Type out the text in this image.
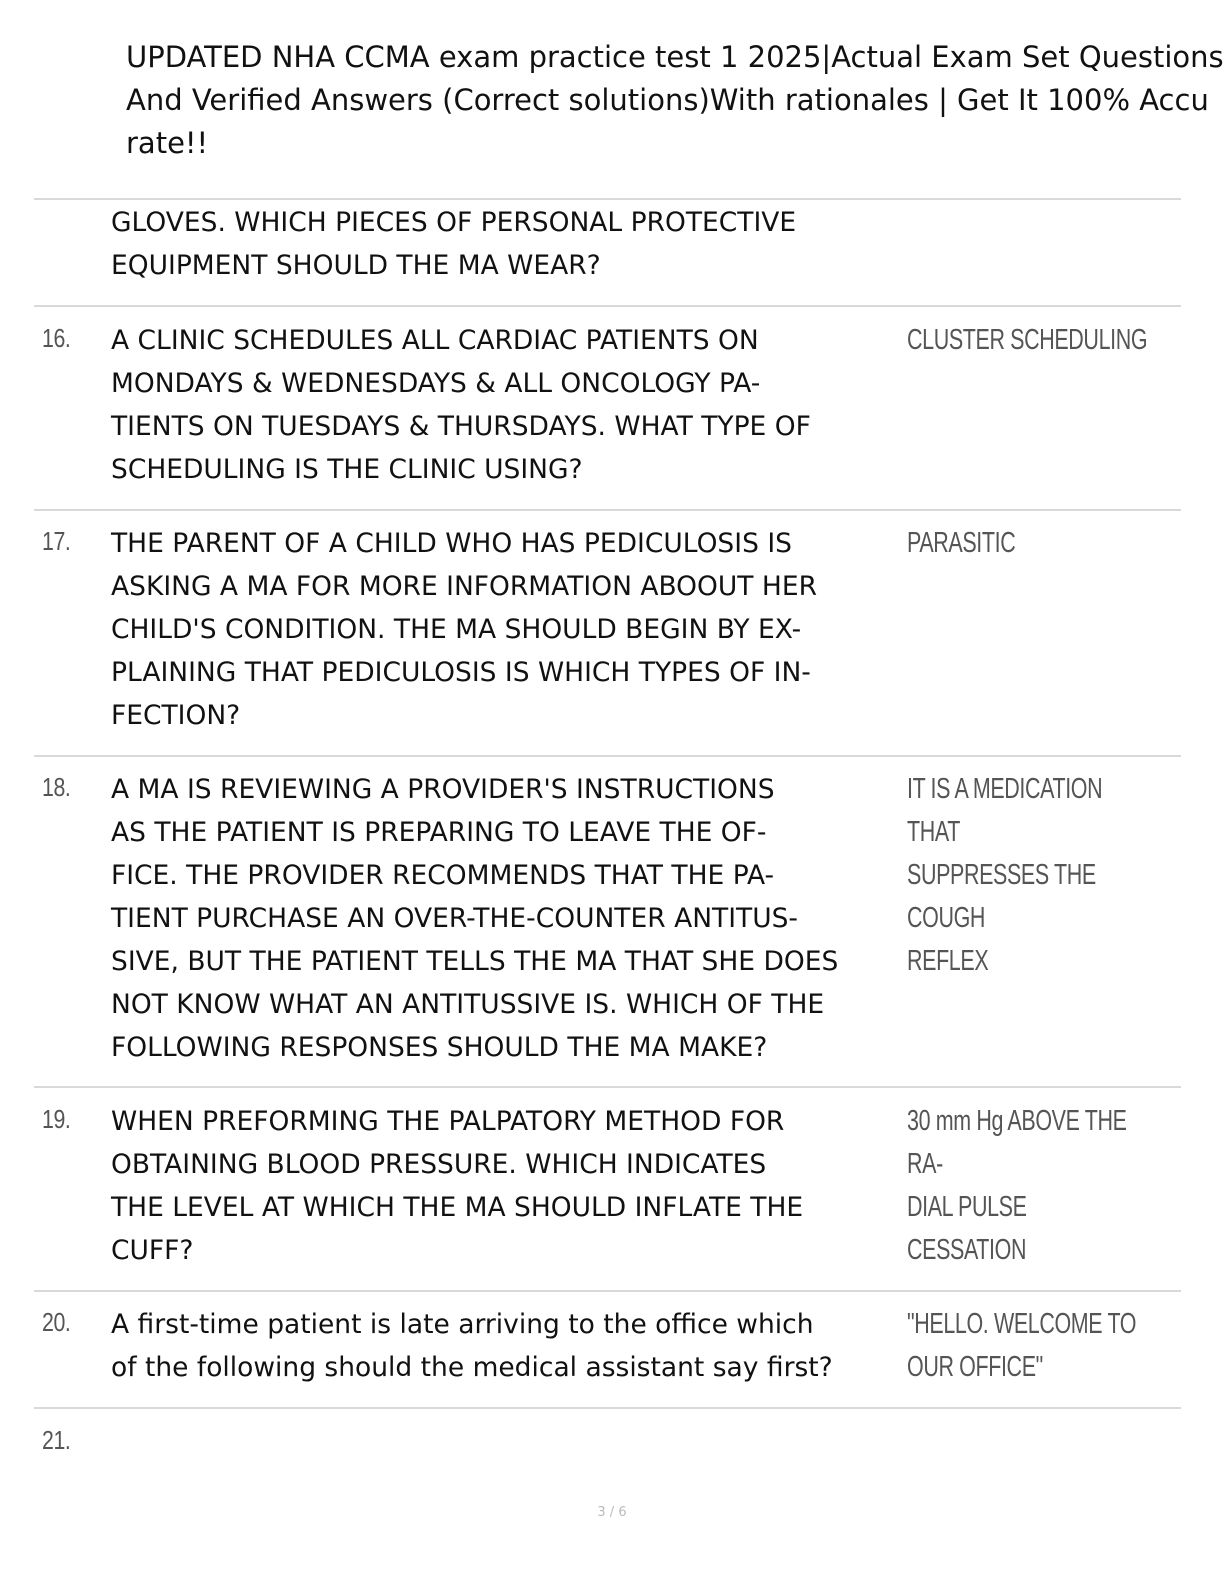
UPDATED NHA CCMA exam practice test 1 2025|Actual Exam Set Questions
And Verified Answers (Correct solutions)With rationales | Get It 100% Accu
rate!!
GLOVES. WHICH PIECES OF PERSONAL PROTECTIVE
EQUIPMENT SHOULD THE MA WEAR?
16. A CLINIC SCHEDULES ALL CARDIAC PATIENTS ON
MONDAYS & WEDNESDAYS & ALL ONCOLOGY PA-
TIENTS ON TUESDAYS & THURSDAYS. WHAT TYPE OF
SCHEDULING IS THE CLINIC USING?
CLUSTER SCHEDULING
17. THE PARENT OF A CHILD WHO HAS PEDICULOSIS IS
ASKING A MA FOR MORE INFORMATION ABOOUT HER
CHILD'S CONDITION. THE MA SHOULD BEGIN BY EX-
PLAINING THAT PEDICULOSIS IS WHICH TYPES OF IN-
FECTION?
PARASITIC
18. A MA IS REVIEWING A PROVIDER'S INSTRUCTIONS
AS THE PATIENT IS PREPARING TO LEAVE THE OF-
FICE. THE PROVIDER RECOMMENDS THAT THE PA-
TIENT PURCHASE AN OVER-THE-COUNTER ANTITUS-
SIVE, BUT THE PATIENT TELLS THE MA THAT SHE DOES
NOT KNOW WHAT AN ANTITUSSIVE IS. WHICH OF THE
FOLLOWING RESPONSES SHOULD THE MA MAKE?
IT IS A MEDICATION THAT
SUPPRESSES THE COUGH
REFLEX
19. WHEN PREFORMING THE PALPATORY METHOD FOR
OBTAINING BLOOD PRESSURE. WHICH INDICATES
THE LEVEL AT WHICH THE MA SHOULD INFLATE THE
CUFF?
30 mm Hg ABOVE THE RA-
DIAL PULSE CESSATION
20. A first-time patient is late arriving to the office which
of the following should the medical assistant say first?
"HELLO. WELCOME TO
OUR OFFICE"
21.
3 / 6
